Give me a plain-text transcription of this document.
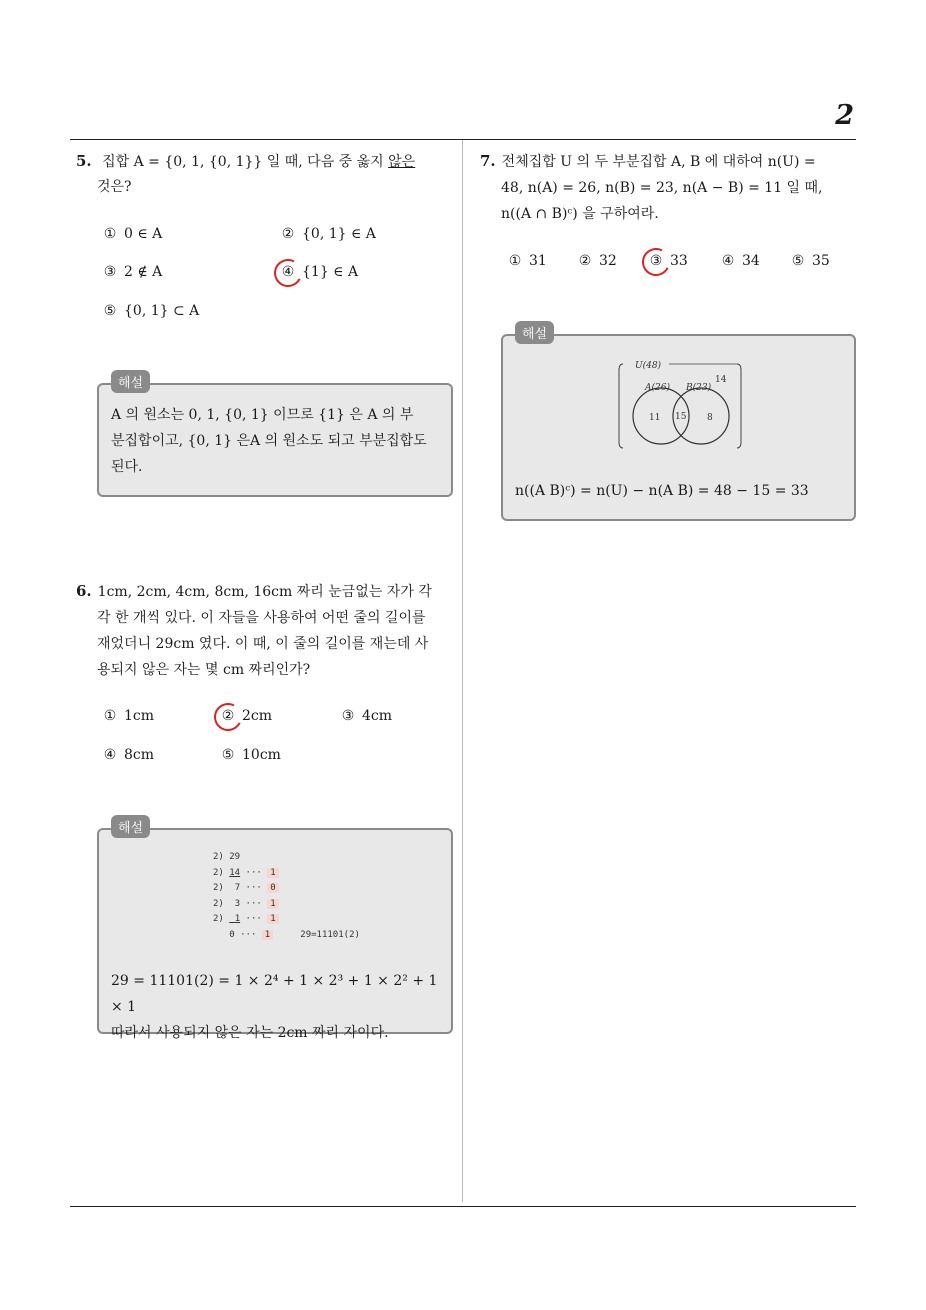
2
5. 집합 A = {0, 1, {0, 1}} 일 때, 다음 중 옳지 않은
것은?
① 0 ∈ A	② {0, 1} ∈ A
③ 2 ∉ A	④ {1} ∈ A
⑤ {0, 1} ⊂ A
A 의 원소는 0, 1, {0, 1} 이므로 {1} 은 A 의 부
분집합이고, {0, 1} 은A 의 원소도 되고 부분집합도
된다.
해설
6. 1cm, 2cm, 4cm, 8cm, 16cm 짜리 눈금없는 자가 각
각 한 개씩 있다. 이 자들을 사용하여 어떤 줄의 길이를
재었더니 29cm 였다. 이 때, 이 줄의 길이를 재는데 사
용되지 않은 자는 몇 cm 짜리인가?
① 1cm	② 2cm	③ 4cm
④ 8cm	⑤ 10cm
2) 29
2) 14 ··· 1
2) 7 ··· 0
2) 3 ··· 1
2) 1 ··· 1
0 ··· 1	29=11101(2)
29 = 11101(2) = 1 × 2⁴ + 1 × 2³ + 1 × 2² + 1 × 1
따라서 사용되지 않은 자는 2cm 짜리 자이다.
해설
7. 전체집합 U 의 두 부분집합 A, B 에 대하여 n(U) =
48, n(A) = 26, n(B) = 23, n(A − B) = 11 일 때,
n((A ∩ B)ᶜ) 을 구하여라.
① 31 ② 32 ③ 33 ④ 34 ⑤ 35
U(48)
A(26) B(23)
14
11 15 8
n((A B)ᶜ) = n(U) − n(A B) = 48 − 15 = 33
해설
